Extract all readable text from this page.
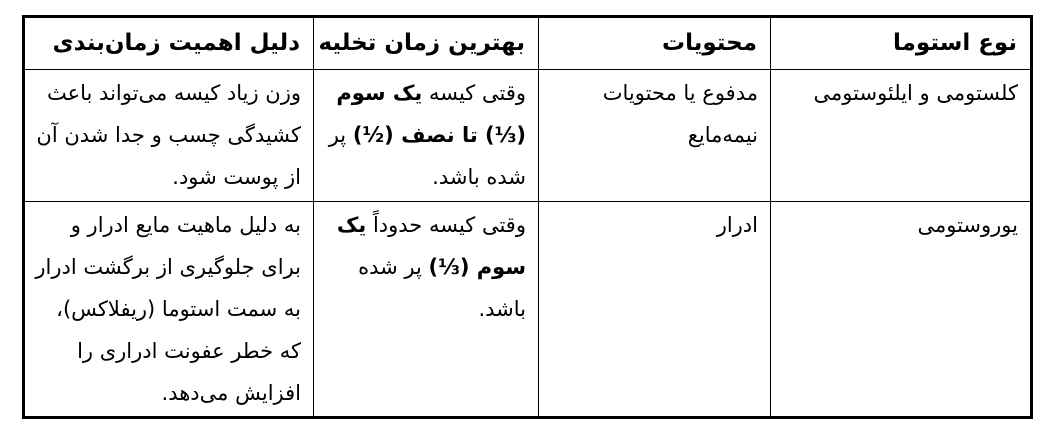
نوع استوما	محتویات	بهترین زمان تخلیه	دلیل اهمیت زمان‌بندی
کلستومی و ایلئوستومی	مدفوع یا محتویات نیمه‌مایع	وقتی کیسه یک سوم (⅓) تا نصف (½) پر شده باشد.	وزن زیاد کیسه می‌تواند باعث کشیدگی چسب و جدا شدن آن از پوست شود.
یوروستومی	ادرار	وقتی کیسه حدوداً یک سوم (⅓) پر شده باشد.	به دلیل ماهیت مایع ادرار و برای جلوگیری از برگشت ادرار به سمت استوما (ریفلاکس)، که خطر عفونت ادراری را افزایش می‌دهد.
